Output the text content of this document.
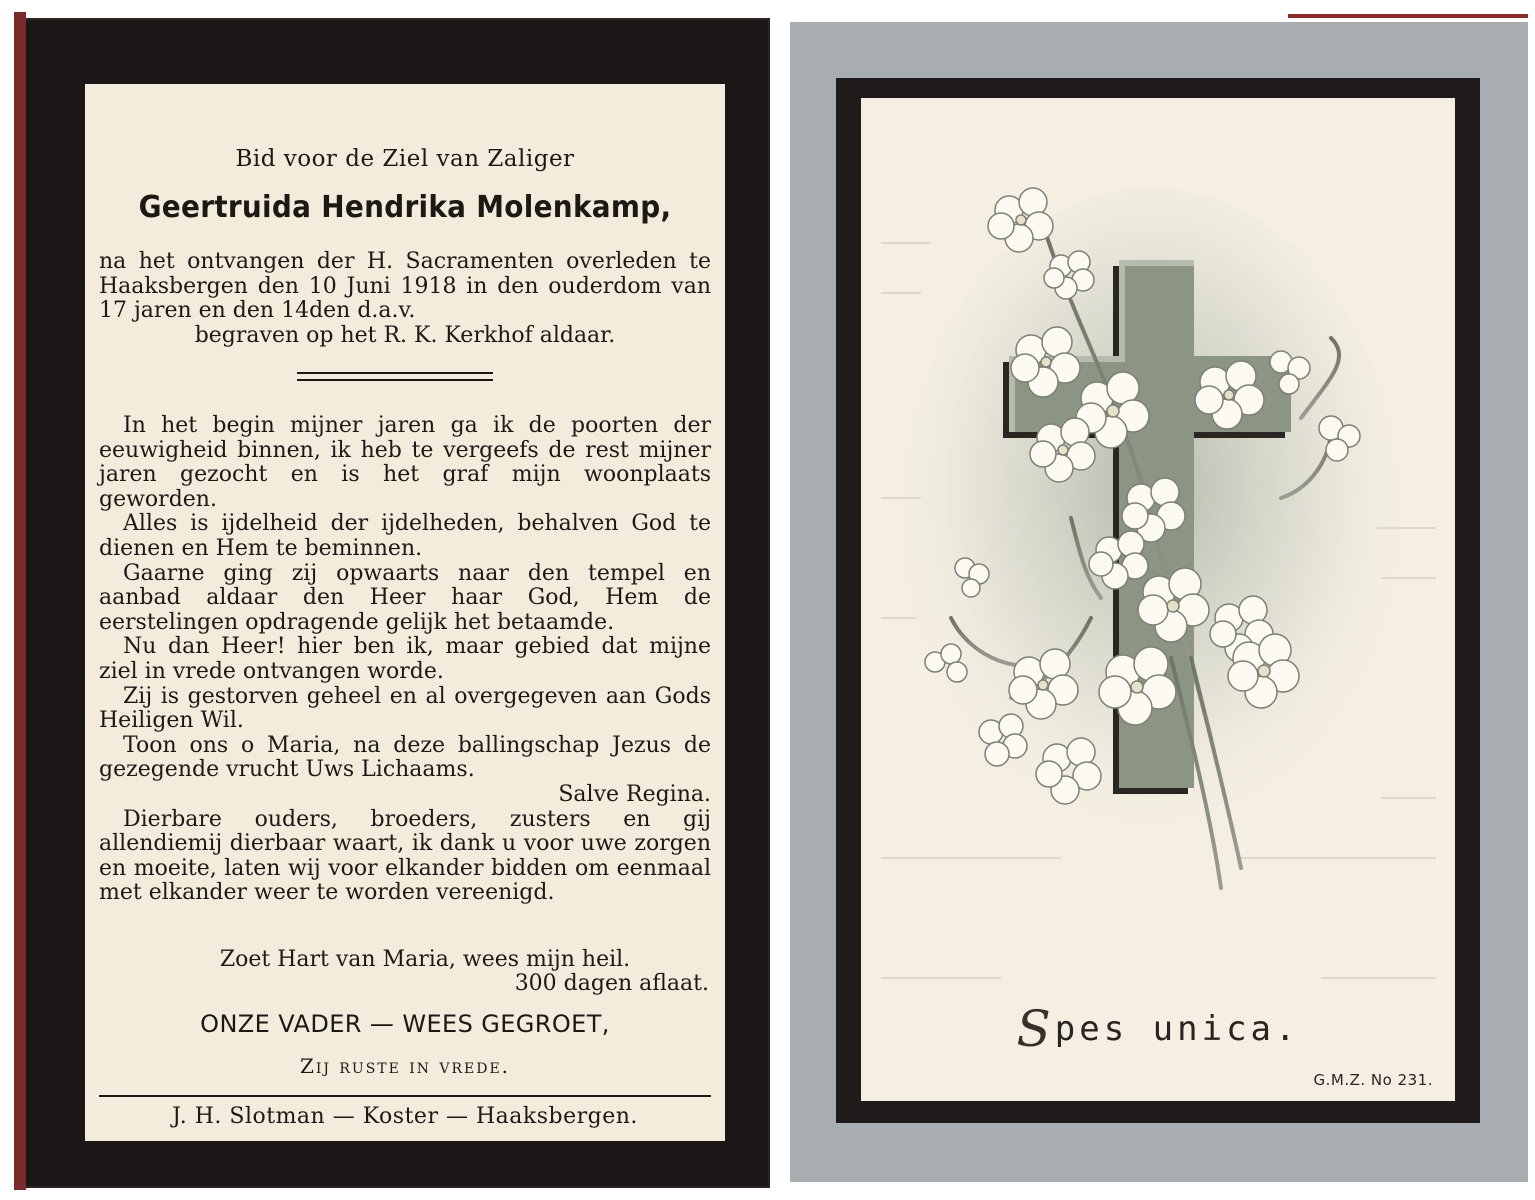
Bid voor de Ziel van Zaliger

Geertruida Hendrika Molenkamp,

na het ontvangen der H. Sacramenten overleden te Haaksbergen den 10 Juni 1918 in den ouderdom van 17 jaren en den 14den d.a.v.

begraven op het R. K. Kerkhof aldaar.

In het begin mijner jaren ga ik de poorten der eeuwigheid binnen, ik heb te vergeefs de rest mijner jaren gezocht en is het graf mijn woonplaats geworden.

Alles is ijdelheid der ijdelheden, behalven God te dienen en Hem te beminnen.

Gaarne ging zij opwaarts naar den tempel en aanbad aldaar den Heer haar God, Hem de eerstelingen opdragende gelijk het betaamde.

Nu dan Heer! hier ben ik, maar gebied dat mijne ziel in vrede ontvangen worde.

Zij is gestorven geheel en al overgegeven aan Gods Heiligen Wil.

Toon ons o Maria, na deze ballingschap Jezus de gezegende vrucht Uws Lichaams.

Salve Regina.

Dierbare ouders, broeders, zusters en gij allendiemij dierbaar waart, ik dank u voor uwe zorgen en moeite, laten wij voor elkander bidden om eenmaal met elkander weer te worden vereenigd.

Zoet Hart van Maria, wees mijn heil.

300 dagen aflaat.

ONZE VADER — WEES GEGROET,

Zij ruste in vrede.

J. H. Slotman — Koster — Haaksbergen.

Spes unica.

G.M.Z. No 231.
